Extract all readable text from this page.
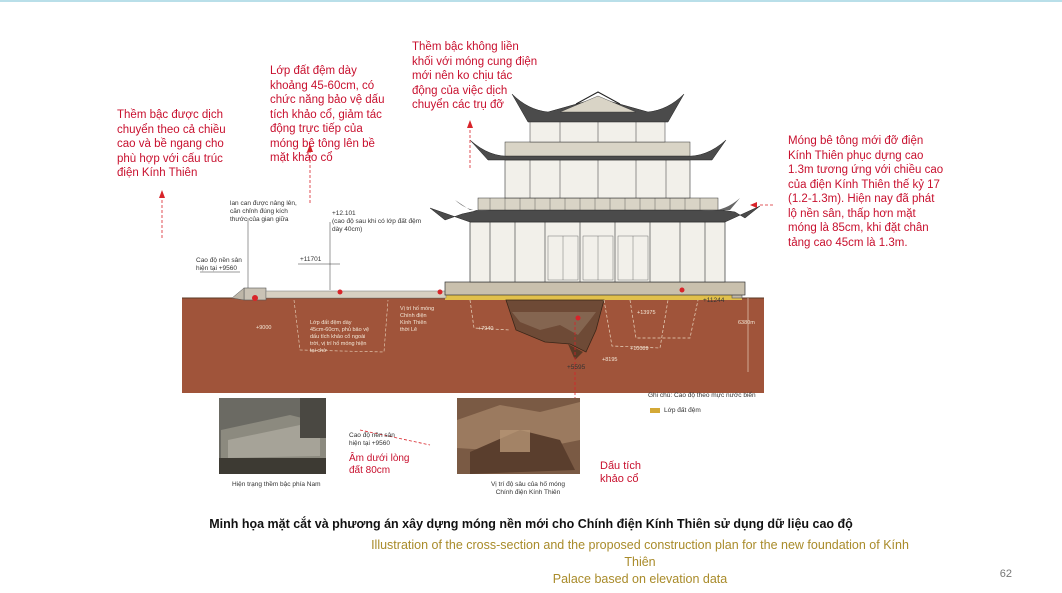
Thềm bậc được dịch
chuyển theo cả chiều
cao và bề ngang cho
phù hợp với cấu trúc
điện Kính Thiên
Lớp đất đệm dày
khoảng 45-60cm, có
chức năng bảo vệ dấu
tích khảo cổ, giảm tác
động trực tiếp của
móng bê tông lên bề
mặt khảo cổ
Thềm bậc không liền
khối với móng cung điện
mới nên ko chịu tác
động của việc dịch
chuyển các trụ đỡ
Móng bê tông mới đỡ điện
Kính Thiên phục dựng cao
1.3m tương ứng với chiều cao
của điện Kính Thiên thế kỷ 17
(1.2-1.3m). Hiện nay đã phát
lộ nền sân, thấp hơn mặt
móng là 85cm, khi đặt chân
tảng cao 45cm là 1.3m.
Âm dưới lòng
đất 80cm	Dấu tích
khảo cổ
lan can được nâng lên,
căn chỉnh đúng kích
thước của gian giữa
+12.101
(cao độ sau khi có lớp đất đệm
dày 40cm)
Cao độ nền sân
hiện tại +9560
+11701
+9000
+11244
+13975
+7940
+10089
+8195
+5595
6380m
Lớp đất đệm dày
45cm-60cm, phủ bảo vệ
dấu tích khảo cổ ngoài
trời, vị trí hố móng hiện
tại chờ
Vị trí hố móng
Chính điện
Kính Thiên
thời Lê
Cao độ nền sân
hiện tại +9560
Ghi chú: Cao độ theo mực nước biển
Lớp đất đệm
Hiện trạng thềm bậc phía Nam	Vị trí độ sâu của hố móng
Chính điện Kính Thiên
Minh họa mặt cắt và phương án xây dựng móng nền mới cho Chính điện Kính Thiên sử dụng dữ liệu cao độ
Illustration of the cross-section and the proposed construction plan for the new foundation of Kính Thiên
Palace based on elevation data	62
